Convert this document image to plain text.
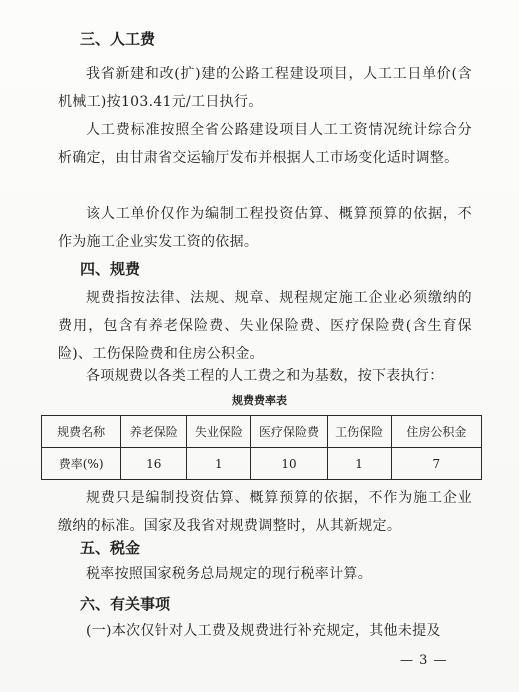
三、人工费
我省新建和改(扩)建的公路工程建设项目，人工工日单价(含机械工)按103.41元/工日执行。
人工费标准按照全省公路建设项目人工工资情况统计综合分析确定，由甘肃省交运输厅发布并根据人工市场变化适时调整。
该人工单价仅作为编制工程投资估算、概算预算的依据，不作为施工企业实发工资的依据。
四、规费
规费指按法律、法规、规章、规程规定施工企业必须缴纳的费用，包含有养老保险费、失业保险费、医疗保险费(含生育保险)、工伤保险费和住房公积金。
各项规费以各类工程的人工费之和为基数，按下表执行：
规费费率表
规费名称	养老保险	失业保险	医疗保险费	工伤保险	住房公积金
费率(%)	16	1	10	1	7
规费只是编制投资估算、概算预算的依据，不作为施工企业缴纳的标准。国家及我省对规费调整时，从其新规定。
五、税金
税率按照国家税务总局规定的现行税率计算。
六、有关事项
(一)本次仅针对人工费及规费进行补充规定，其他未提及
— 3 —
